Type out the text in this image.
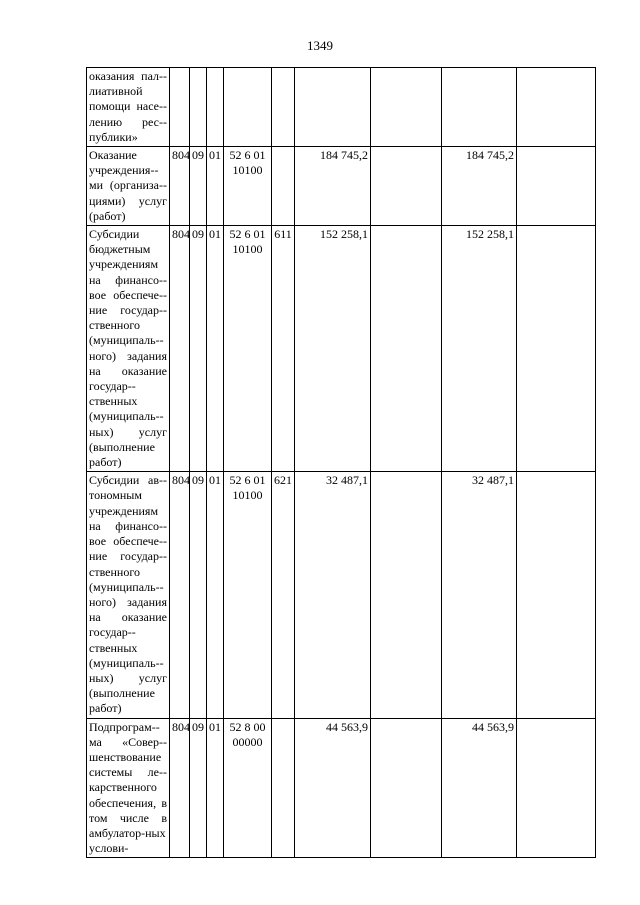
1349
оказания пал-лиативной помощи насе-лению рес-публики»									

Оказание учреждения-ми (организа-циями) услуг (работ)	804	09	01	52 6 01 10100		184 745,2		184 745,2	

Субсидии бюджетным учреждениям на финансо-вое обеспече-ние государ-ственного (муниципаль-ного) задания на оказание государ-ственных (муниципаль-ных) услуг (выполнение работ)	804	09	01	52 6 01 10100	611	152 258,1		152 258,1	

Субсидии ав-тономным учреждениям на финансо-вое обеспече-ние государ-ственного (муниципаль-ного) задания на оказание государ-ственных (муниципаль-ных) услуг (выполнение работ)	804	09	01	52 6 01 10100	621	32 487,1		32 487,1	

Подпрограм-ма «Совер-шенствование системы ле-карственного обеспечения, в том числе в амбулатор-ных услови-	804	09	01	52 8 00 00000		44 563,9		44 563,9	
